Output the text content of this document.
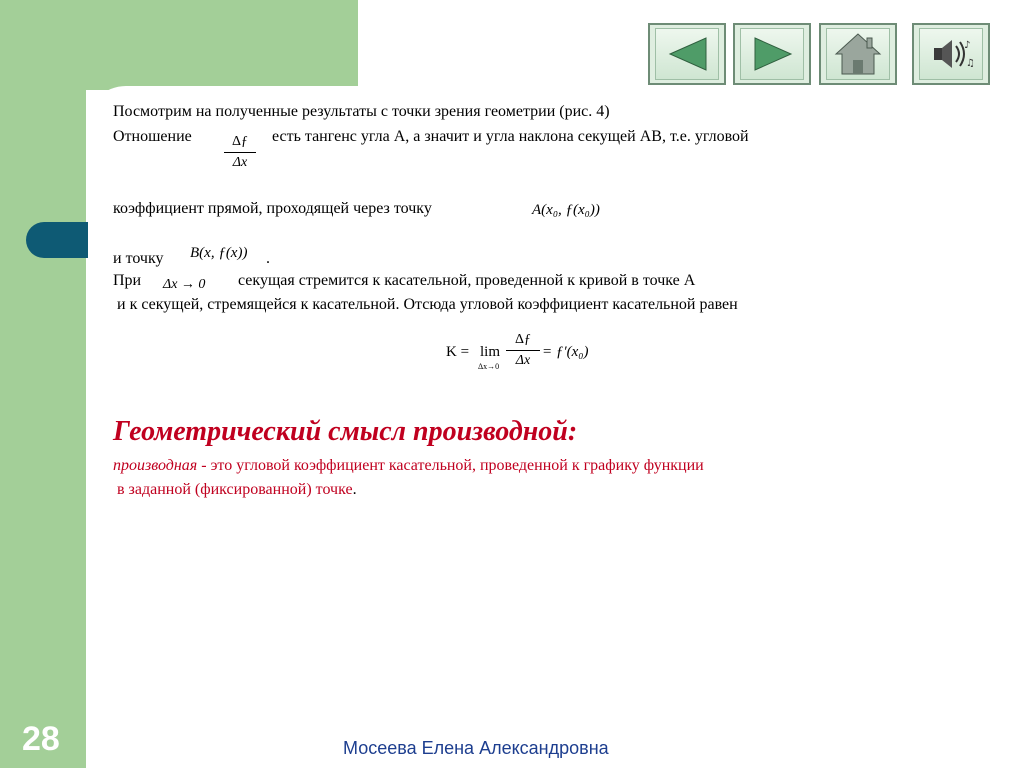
♪
♫
Посмотрим на полученные результаты с точки зрения геометрии (рис. 4)
Отношение $\frac{\Delta ƒ}{\Delta x}$ есть тангенс угла А, а значит и угла наклона секущей АВ, т.е. угловой
коэффициент прямой, проходящей через точку	A(x₀, ƒ(x₀))
и точку B(x, ƒ(x)) .
При Δx → 0 секущая стремится к касательной, проведенной к кривой в точке А
и к секущей, стремящейся к касательной. Отсюда угловой коэффициент касательной равен
K = lim
$\Delta x\to 0 \frac{\Delta ƒ}{\Delta x}$ = ƒ′(x₀)
Геометрический смысл производной:
производная - это угловой коэффициент касательной, проведенной к графику функции
в заданной (фиксированной) точке.
28	Мосеева Елена Александровна
